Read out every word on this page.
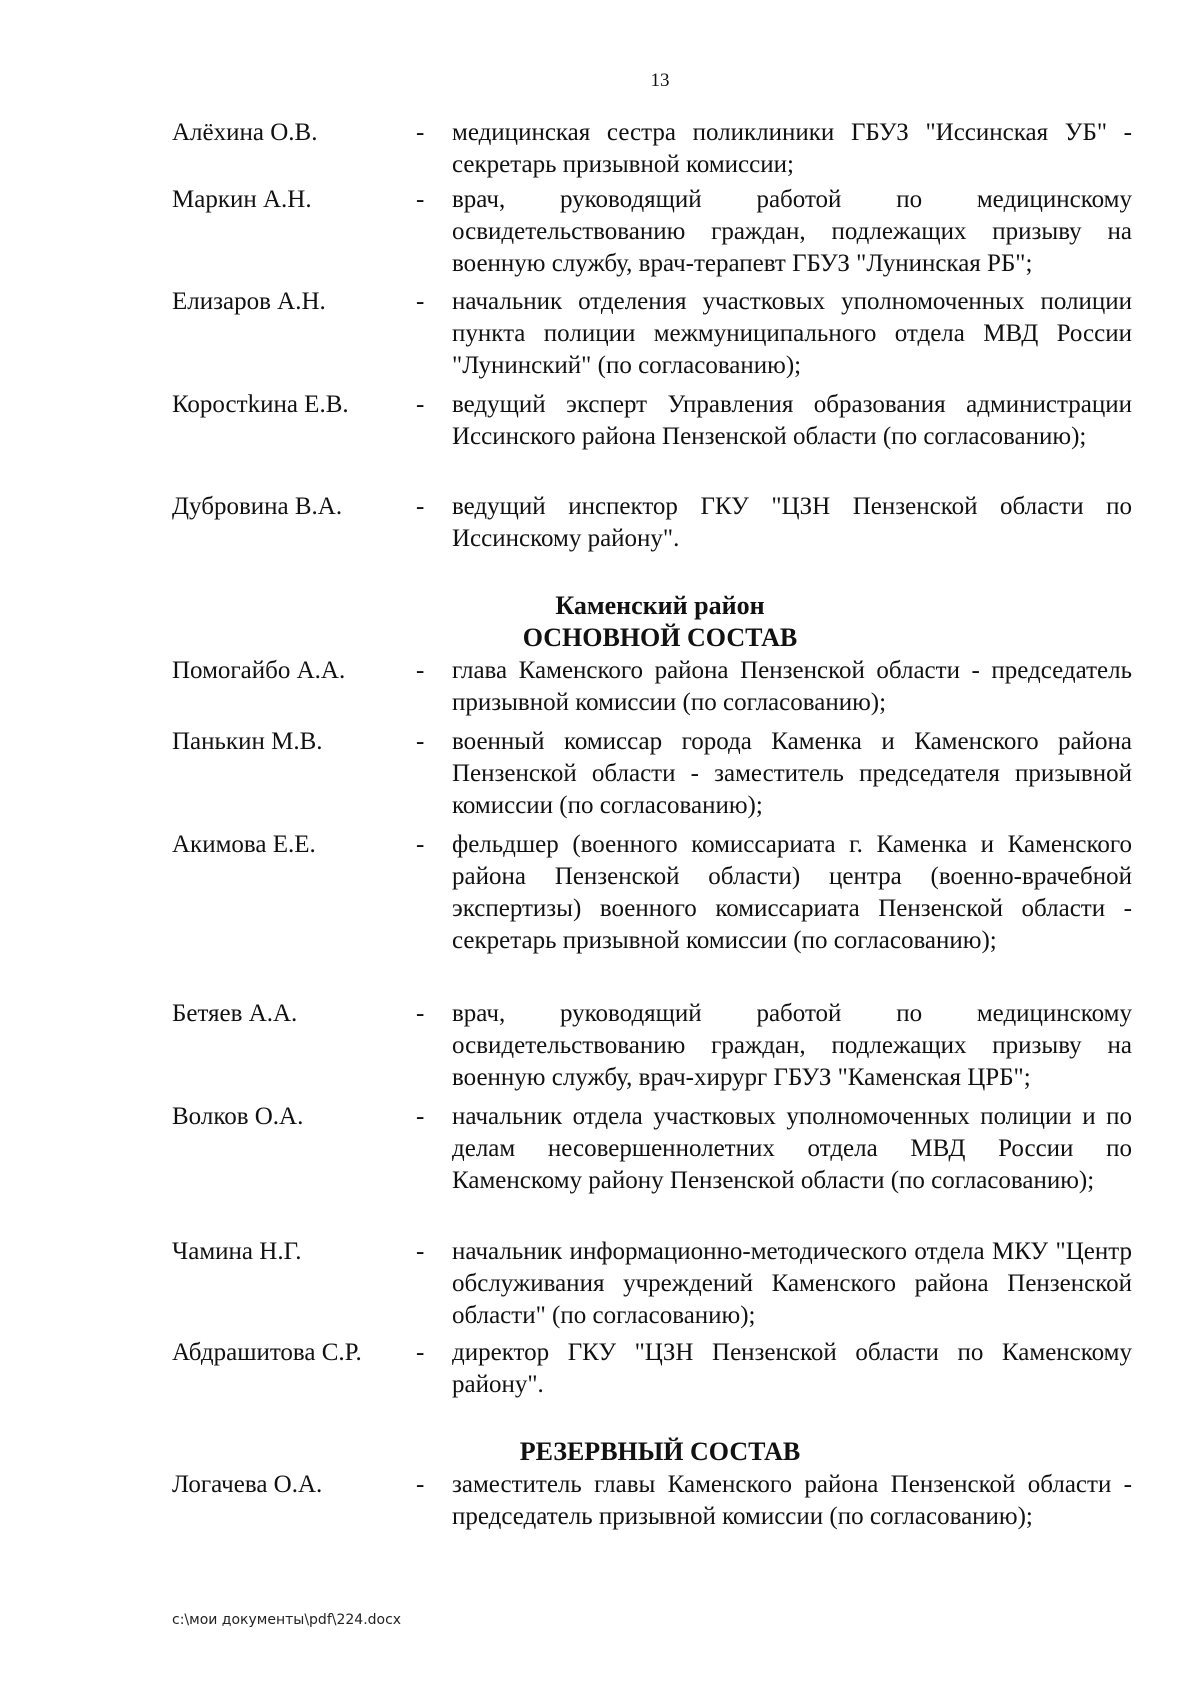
13
Алёхина О.В.	- медицинская сестра поликлиники ГБУЗ "Иссинская УБ" - секретарь призывной комиссии;
Маркин А.Н.	- врач, руководящий работой по медицинскому освидетельствованию граждан, подлежащих призыву на военную службу, врач-терапевт ГБУЗ "Лунинская РБ";
Елизаров А.Н.	- начальник отделения участковых уполномоченных полиции пункта полиции межмуниципального отдела МВД России "Лунинский" (по согласованию);
Коростkина Е.В.	- ведущий эксперт Управления образования администрации Иссинского района Пензенской области (по согласованию);
Дубровина В.А.	- ведущий инспектор ГКУ "ЦЗН Пензенской области по Иссинскому району".
Каменский район
ОСНОВНОЙ СОСТАВ
Помогайбо А.А.	- глава Каменского района Пензенской области - председатель призывной комиссии (по согласованию);
Панькин М.В.	- военный комиссар города Каменка и Каменского района Пензенской области - заместитель председателя призывной комиссии (по согласованию);
Акимова Е.Е.	- фельдшер (военного комиссариата г. Каменка и Каменского района Пензенской области) центра (военно-врачебной экспертизы) военного комиссариата Пензенской области - секретарь призывной комиссии (по согласованию);
Бетяев А.А.	- врач, руководящий работой по медицинскому освидетельствованию граждан, подлежащих призыву на военную службу, врач-хирург ГБУЗ "Каменская ЦРБ";
Волков О.А.	- начальник отдела участковых уполномоченных полиции и по делам несовершеннолетних отдела МВД России по Каменскому району Пензенской области (по согласованию);
Чамина Н.Г.	- начальник информационно-методического отдела МКУ "Центр обслуживания учреждений Каменского района Пензенской области" (по согласованию);
Абдрашитова С.Р.	- директор ГКУ "ЦЗН Пензенской области по Каменскому району".
РЕЗЕРВНЫЙ СОСТАВ
Логачева О.А.	- заместитель главы Каменского района Пензенской области - председатель призывной комиссии (по согласованию);
c:\мои документы\pdf\224.docx
